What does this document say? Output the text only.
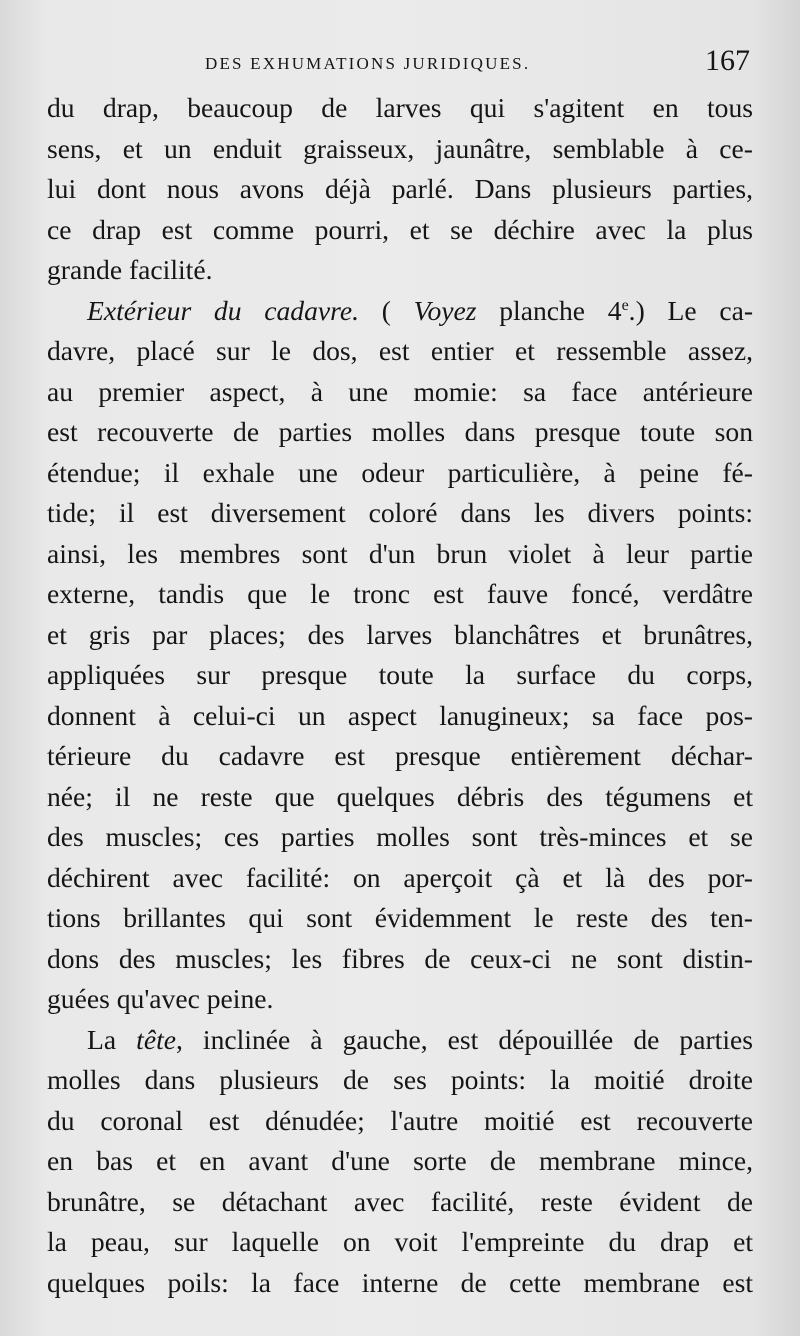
DES EXHUMATIONS JURIDIQUES.	167
du drap, beaucoup de larves qui s'agitent en tous
sens, et un enduit graisseux, jaunâtre, semblable à ce-
lui dont nous avons déjà parlé. Dans plusieurs parties,
ce drap est comme pourri, et se déchire avec la plus
grande facilité.
Extérieur du cadavre. ( Voyez planche 4e.) Le ca-
davre, placé sur le dos, est entier et ressemble assez,
au premier aspect, à une momie: sa face antérieure
est recouverte de parties molles dans presque toute son
étendue; il exhale une odeur particulière, à peine fé-
tide; il est diversement coloré dans les divers points:
ainsi, les membres sont d'un brun violet à leur partie
externe, tandis que le tronc est fauve foncé, verdâtre
et gris par places; des larves blanchâtres et brunâtres,
appliquées sur presque toute la surface du corps,
donnent à celui-ci un aspect lanugineux; sa face pos-
térieure du cadavre est presque entièrement déchar-
née; il ne reste que quelques débris des tégumens et
des muscles; ces parties molles sont très-minces et se
déchirent avec facilité: on aperçoit çà et là des por-
tions brillantes qui sont évidemment le reste des ten-
dons des muscles; les fibres de ceux-ci ne sont distin-
guées qu'avec peine.
La tête, inclinée à gauche, est dépouillée de parties
molles dans plusieurs de ses points: la moitié droite
du coronal est dénudée; l'autre moitié est recouverte
en bas et en avant d'une sorte de membrane mince,
brunâtre, se détachant avec facilité, reste évident de
la peau, sur laquelle on voit l'empreinte du drap et
quelques poils: la face interne de cette membrane est
